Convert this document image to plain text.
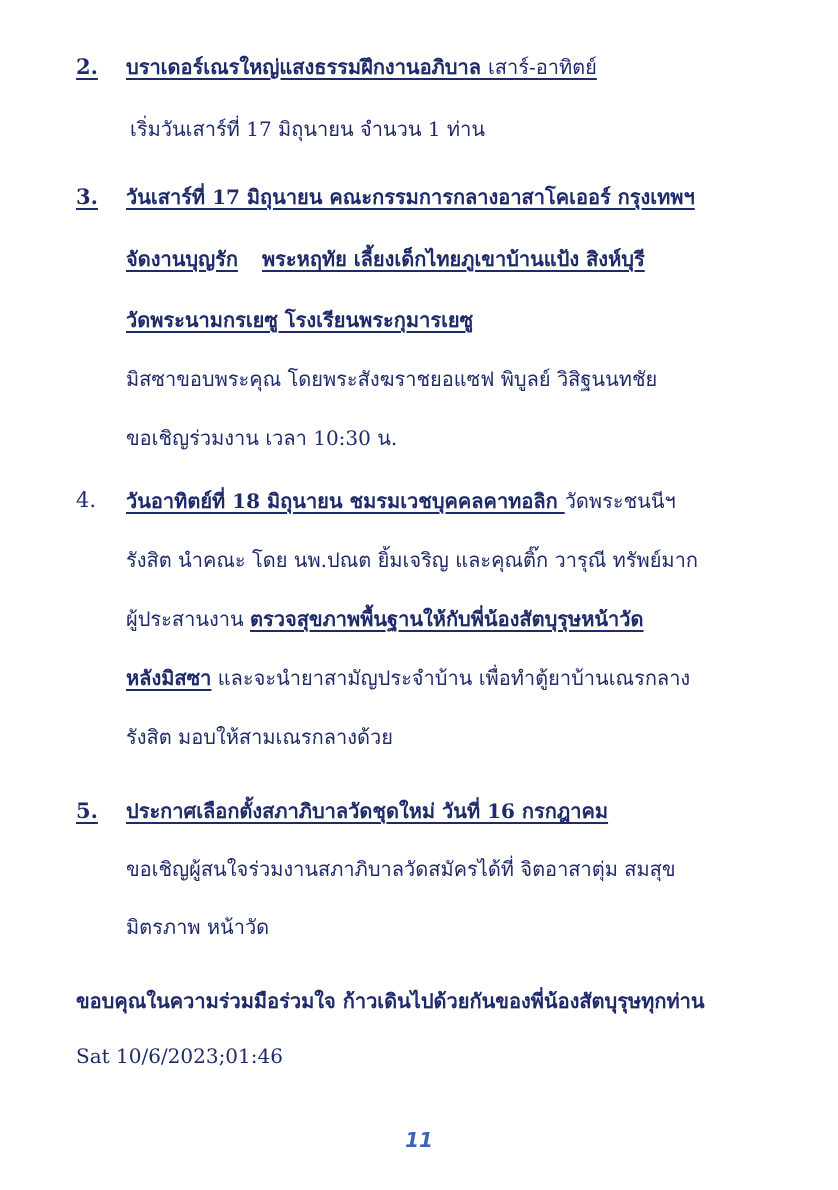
2.	บราเดอร์เณรใหญ่แสงธรรมฝึกงานอภิบาล เสาร์-อาทิตย์
เริ่มวันเสาร์ที่ 17 มิถุนายน จำนวน 1 ท่าน
3.	วันเสาร์ที่ 17 มิถุนายน คณะกรรมการกลางอาสาโคเออร์ กรุงเทพฯ
จัดงานบุญรัก พระหฤทัย เลี้ยงเด็กไทยภูเขาบ้านแป้ง สิงห์บุรี
วัดพระนามกรเยซู โรงเรียนพระกุมารเยซู
มิสซาขอบพระคุณ โดยพระสังฆราชยอแซฟ พิบูลย์ วิสิฐนนทชัย
ขอเชิญร่วมงาน เวลา 10:30 น.
4.	วันอาทิตย์ที่ 18 มิถุนายน ชมรมเวชบุคคลคาทอลิก วัดพระชนนีฯ
รังสิต นำคณะ โดย นพ.ปณต ยิ้มเจริญ และคุณติ๊ก วารุณี ทรัพย์มาก
ผู้ประสานงาน ตรวจสุขภาพพื้นฐานให้กับพี่น้องสัตบุรุษหน้าวัด
หลังมิสซา และจะนำยาสามัญประจำบ้าน เพื่อทำตู้ยาบ้านเณรกลาง
รังสิต มอบให้สามเณรกลางด้วย
5.	ประกาศเลือกตั้งสภาภิบาลวัดชุดใหม่ วันที่ 16 กรกฎาคม
ขอเชิญผู้สนใจร่วมงานสภาภิบาลวัดสมัครได้ที่ จิตอาสาตุ่ม สมสุข
มิตรภาพ หน้าวัด
ขอบคุณในความร่วมมือร่วมใจ ก้าวเดินไปด้วยกันของพี่น้องสัตบุรุษทุกท่าน
Sat 10/6/2023;01:46
11
